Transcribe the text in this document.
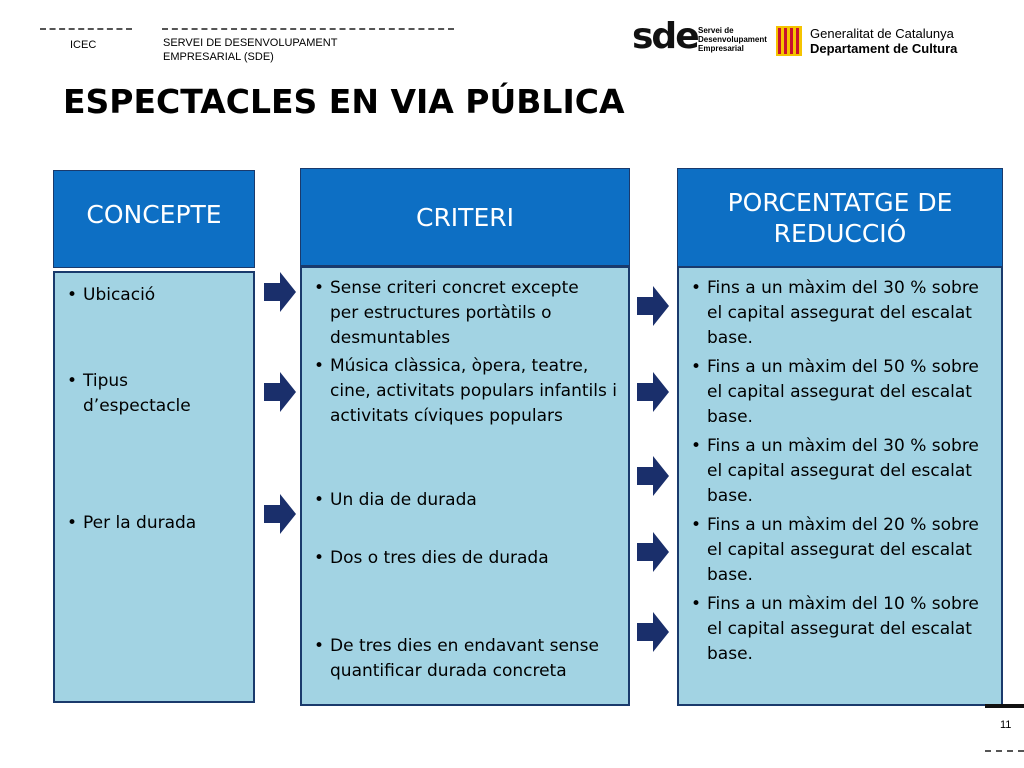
ICEC	SERVEI DE DESENVOLUPAMENT
EMPRESARIAL (SDE)	sde Servei de
Desenvolupament
Empresarial
Generalitat de Catalunya
Departament de Cultura
ESPECTACLES EN VIA PÚBLICA
CONCEPTE	CRITERI	PORCENTATGE DE REDUCCIÓ
• Ubicació
• Tipus d’espectacle
• Per la durada
• Sense criteri concret excepte per estructures portàtils o desmuntables
• Música clàssica, òpera, teatre, cine, activitats populars infantils i activitats cíviques populars
• Un dia de durada
• Dos o tres dies de durada
• De tres dies en endavant sense quantificar durada concreta
• Fins a un màxim del 30 % sobre el capital assegurat del escalat base.
• Fins a un màxim del 50 % sobre el capital assegurat del escalat base.
• Fins a un màxim del 30 % sobre el capital assegurat del escalat base.
• Fins a un màxim del 20 % sobre el capital assegurat del escalat base.
• Fins a un màxim del 10 % sobre el capital assegurat del escalat base.
11
